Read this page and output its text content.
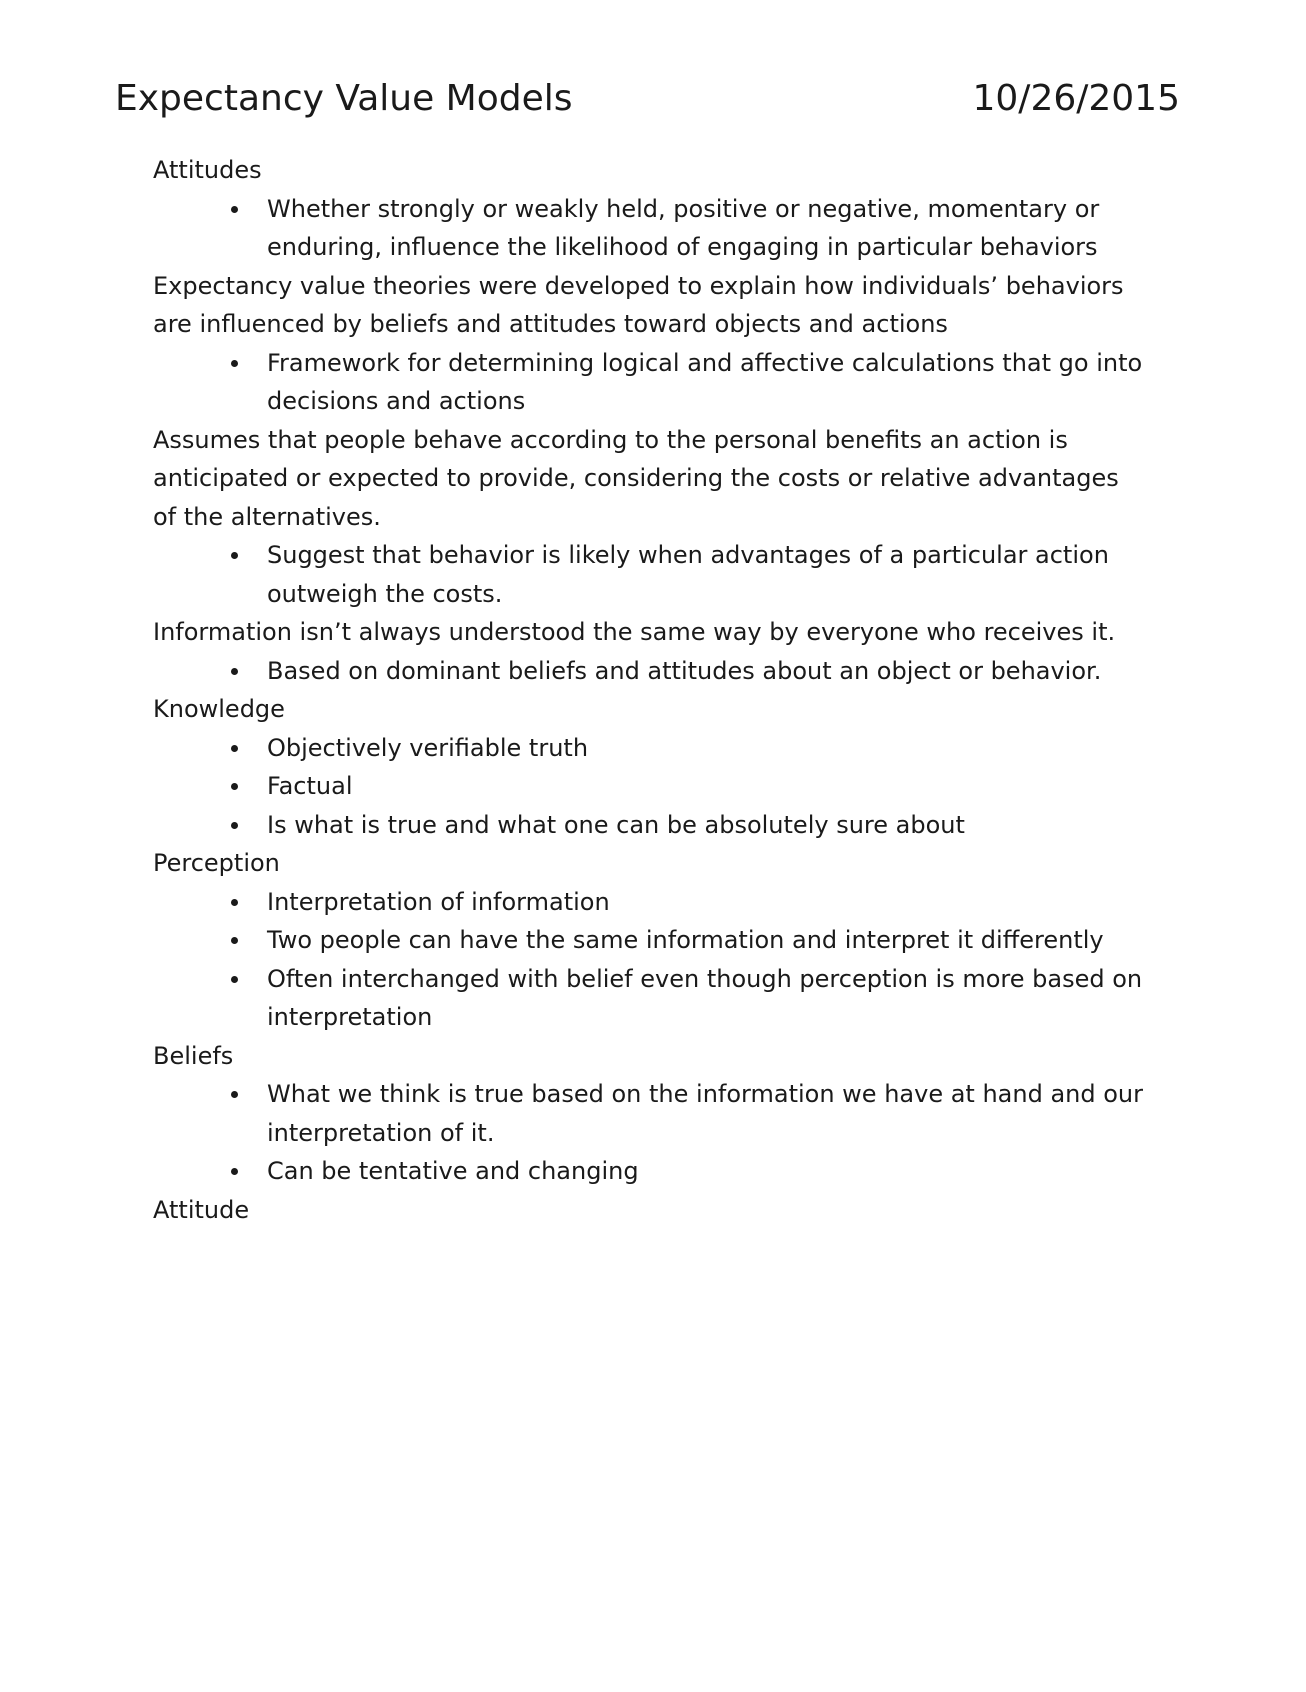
Expectancy Value Models	10/26/2015

Attitudes

Whether strongly or weakly held, positive or negative, momentary or enduring, influence the likelihood of engaging in particular behaviors

Expectancy value theories were developed to explain how individuals’ behaviors are influenced by beliefs and attitudes toward objects and actions

Framework for determining logical and affective calculations that go into decisions and actions

Assumes that people behave according to the personal benefits an action is anticipated or expected to provide, considering the costs or relative advantages of the alternatives.

Suggest that behavior is likely when advantages of a particular action outweigh the costs.

Information isn’t always understood the same way by everyone who receives it.

Based on dominant beliefs and attitudes about an object or behavior.

Knowledge

Objectively verifiable truth
Factual
Is what is true and what one can be absolutely sure about

Perception

Interpretation of information
Two people can have the same information and interpret it differently
Often interchanged with belief even though perception is more based on interpretation

Beliefs

What we think is true based on the information we have at hand and our interpretation of it.
Can be tentative and changing

Attitude
